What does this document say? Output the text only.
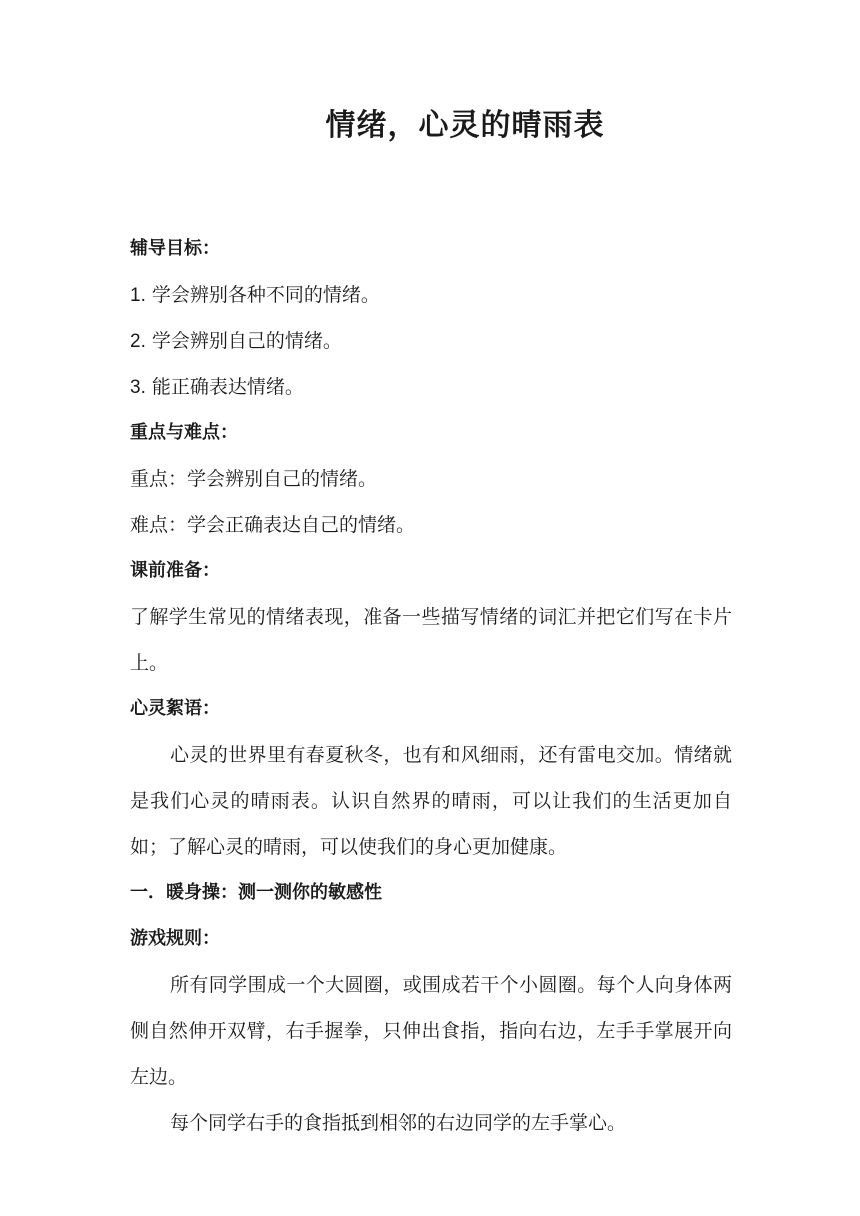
情绪，心灵的晴雨表
辅导目标：
1. 学会辨别各种不同的情绪。
2. 学会辨别自己的情绪。
3. 能正确表达情绪。
重点与难点：
重点：学会辨别自己的情绪。
难点：学会正确表达自己的情绪。
课前准备：
了解学生常见的情绪表现，准备一些描写情绪的词汇并把它们写在卡片上。
心灵絮语：
心灵的世界里有春夏秋冬，也有和风细雨，还有雷电交加。情绪就是我们心灵的晴雨表。认识自然界的晴雨，可以让我们的生活更加自如；了解心灵的晴雨，可以使我们的身心更加健康。
一．暖身操：测一测你的敏感性
游戏规则：
所有同学围成一个大圆圈，或围成若干个小圆圈。每个人向身体两侧自然伸开双臂，右手握拳，只伸出食指，指向右边，左手手掌展开向左边。
每个同学右手的食指抵到相邻的右边同学的左手掌心。
